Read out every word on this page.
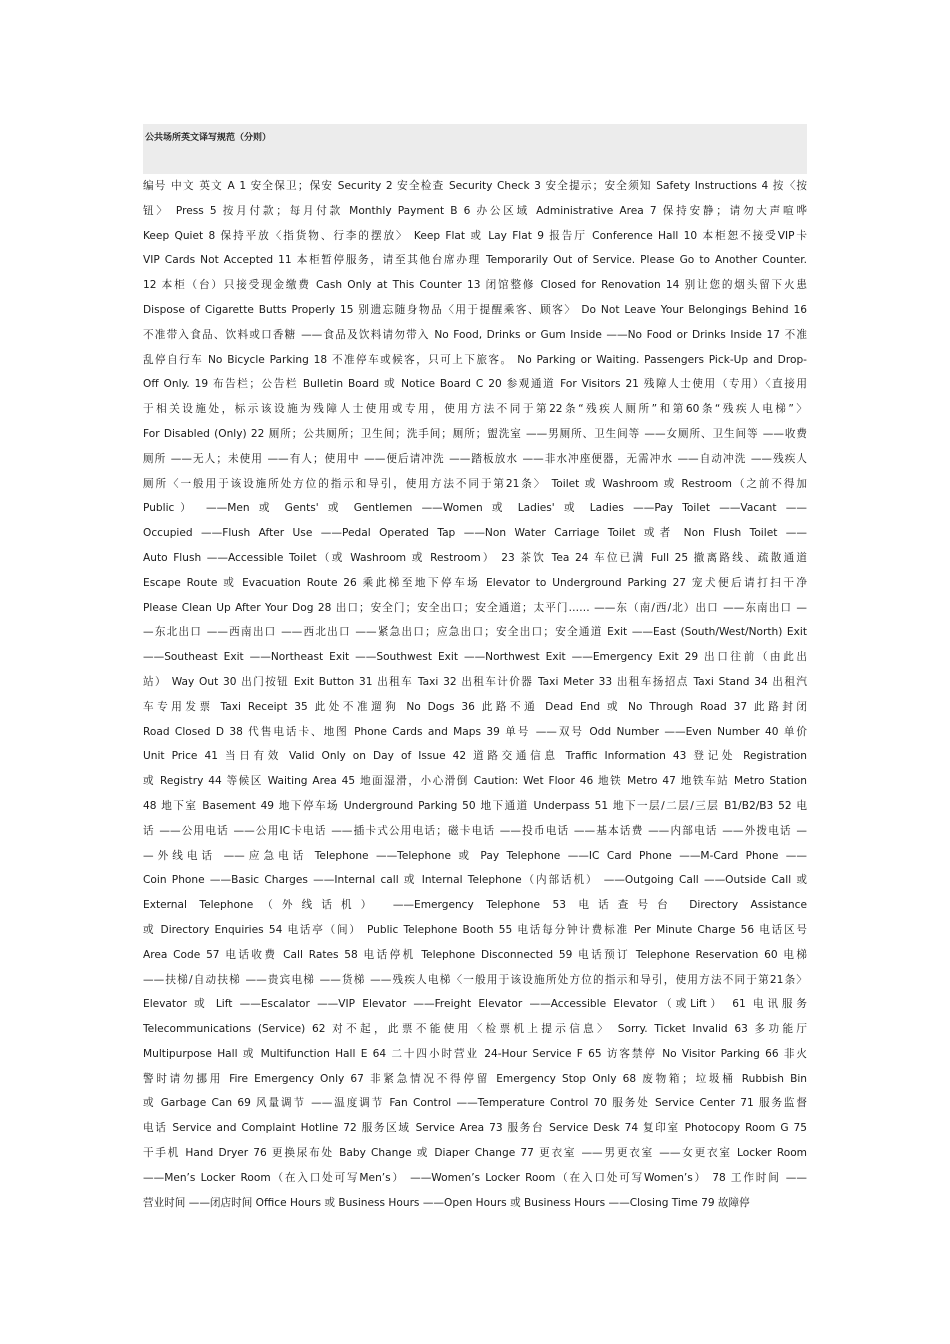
公共场所英文译写规范（分则）
编号 中文 英文 A 1 安全保卫；保安 Security 2 安全检查 Security Check 3 安全提示；安全须知 Safety Instructions 4 按〈按
钮〉 Press 5 按月付款；每月付款 Monthly Payment B 6 办公区域 Administrative Area 7 保持安静；请勿大声喧哗
Keep Quiet 8 保持平放〈指货物、行李的摆放〉 Keep Flat 或 Lay Flat 9 报告厅 Conference Hall 10 本柜恕不接受VIP卡
VIP Cards Not Accepted 11 本柜暂停服务，请至其他台席办理 Temporarily Out of Service. Please Go to Another Counter.
12 本柜（台）只接受现金缴费 Cash Only at This Counter 13 闭馆整修 Closed for Renovation 14 别让您的烟头留下火患
Dispose of Cigarette Butts Properly 15 别遗忘随身物品〈用于提醒乘客、顾客〉 Do Not Leave Your Belongings Behind 16
不准带入食品、饮料或口香糖 ——食品及饮料请勿带入 No Food, Drinks or Gum Inside ——No Food or Drinks Inside 17 不准
乱停自行车 No Bicycle Parking 18 不准停车或候客，只可上下旅客。 No Parking or Waiting. Passengers Pick-Up and Drop-
Off Only. 19 布告栏；公告栏 Bulletin Board 或 Notice Board C 20 参观通道 For Visitors 21 残障人士使用（专用）〈直接用
于相关设施处，标示该设施为残障人士使用或专用，使用方法不同于第22条“残疾人厕所”和第60条“残疾人电梯”〉
For Disabled (Only) 22 厕所；公共厕所；卫生间；洗手间；厕所；盥洗室 ——男厕所、卫生间等 ——女厕所、卫生间等 ——收费
厕所 ——无人；未使用 ——有人；使用中 ——便后请冲洗 ——踏板放水 ——非水冲座便器，无需冲水 ——自动冲洗 ——残疾人
厕所〈一般用于该设施所处方位的指示和导引，使用方法不同于第21条〉 Toilet 或 Washroom 或 Restroom（之前不得加
Public） ——Men 或 Gents' 或 Gentlemen ——Women 或 Ladies' 或 Ladies ——Pay Toilet ——Vacant ——
Occupied ——Flush After Use ——Pedal Operated Tap ——Non Water Carriage Toilet 或者 Non Flush Toilet ——
Auto Flush ——Accessible Toilet（或 Washroom 或 Restroom） 23 茶饮 Tea 24 车位已满 Full 25 撤离路线、疏散通道
Escape Route 或 Evacuation Route 26 乘此梯至地下停车场 Elevator to Underground Parking 27 宠犬便后请打扫干净
Please Clean Up After Your Dog 28 出口；安全门；安全出口；安全通道；太平门…… ——东（南/西/北）出口 ——东南出口 —
—东北出口 ——西南出口 ——西北出口 ——紧急出口；应急出口；安全出口；安全通道 Exit ——East (South/West/North) Exit
——Southeast Exit ——Northeast Exit ——Southwest Exit ——Northwest Exit ——Emergency Exit 29 出口往前（由此出
站） Way Out 30 出门按钮 Exit Button 31 出租车 Taxi 32 出租车计价器 Taxi Meter 33 出租车扬招点 Taxi Stand 34 出租汽
车专用发票 Taxi Receipt 35 此处不准遛狗 No Dogs 36 此路不通 Dead End 或 No Through Road 37 此路封闭
Road Closed D 38 代售电话卡、地图 Phone Cards and Maps 39 单号 ——双号 Odd Number ——Even Number 40 单价
Unit Price 41 当日有效 Valid Only on Day of Issue 42 道路交通信息 Traffic Information 43 登记处 Registration
或 Registry 44 等候区 Waiting Area 45 地面湿滑，小心滑倒 Caution: Wet Floor 46 地铁 Metro 47 地铁车站 Metro Station
48 地下室 Basement 49 地下停车场 Underground Parking 50 地下通道 Underpass 51 地下一层/二层/三层 B1/B2/B3 52 电
话 ——公用电话 ——公用IC卡电话 ——插卡式公用电话；磁卡电话 ——投币电话 ——基本话费 ——内部电话 ——外拨电话 —
—外线电话 ——应急电话 Telephone ——Telephone 或 Pay Telephone ——IC Card Phone ——M-Card Phone ——
Coin Phone ——Basic Charges ——Internal call 或 Internal Telephone（内部话机） ——Outgoing Call ——Outside Call 或
External Telephone（外线话机） ——Emergency Telephone 53 电话查号台 Directory Assistance
或 Directory Enquiries 54 电话亭（间） Public Telephone Booth 55 电话每分钟计费标准 Per Minute Charge 56 电话区号
Area Code 57 电话收费 Call Rates 58 电话停机 Telephone Disconnected 59 电话预订 Telephone Reservation 60 电梯
——扶梯/自动扶梯 ——贵宾电梯 ——货梯 ——残疾人电梯〈一般用于该设施所处方位的指示和导引，使用方法不同于第21条〉
Elevator 或 Lift ——Escalator ——VIP Elevator ——Freight Elevator ——Accessible Elevator（或Lift） 61 电讯服务
Telecommunications (Service) 62 对不起，此票不能使用〈检票机上提示信息〉 Sorry. Ticket Invalid 63 多功能厅
Multipurpose Hall 或 Multifunction Hall E 64 二十四小时营业 24-Hour Service F 65 访客禁停 No Visitor Parking 66 非火
警时请勿挪用 Fire Emergency Only 67 非紧急情况不得停留 Emergency Stop Only 68 废物箱；垃圾桶 Rubbish Bin
或 Garbage Can 69 风量调节 ——温度调节 Fan Control ——Temperature Control 70 服务处 Service Center 71 服务监督
电话 Service and Complaint Hotline 72 服务区域 Service Area 73 服务台 Service Desk 74 复印室 Photocopy Room G 75
干手机 Hand Dryer 76 更换尿布处 Baby Change 或 Diaper Change 77 更衣室 ——男更衣室 ——女更衣室 Locker Room
——Men’s Locker Room（在入口处可写Men’s） ——Women’s Locker Room（在入口处可写Women’s） 78 工作时间 ——
营业时间 ——闭店时间 Office Hours 或 Business Hours ——Open Hours 或 Business Hours ——Closing Time 79 故障停
